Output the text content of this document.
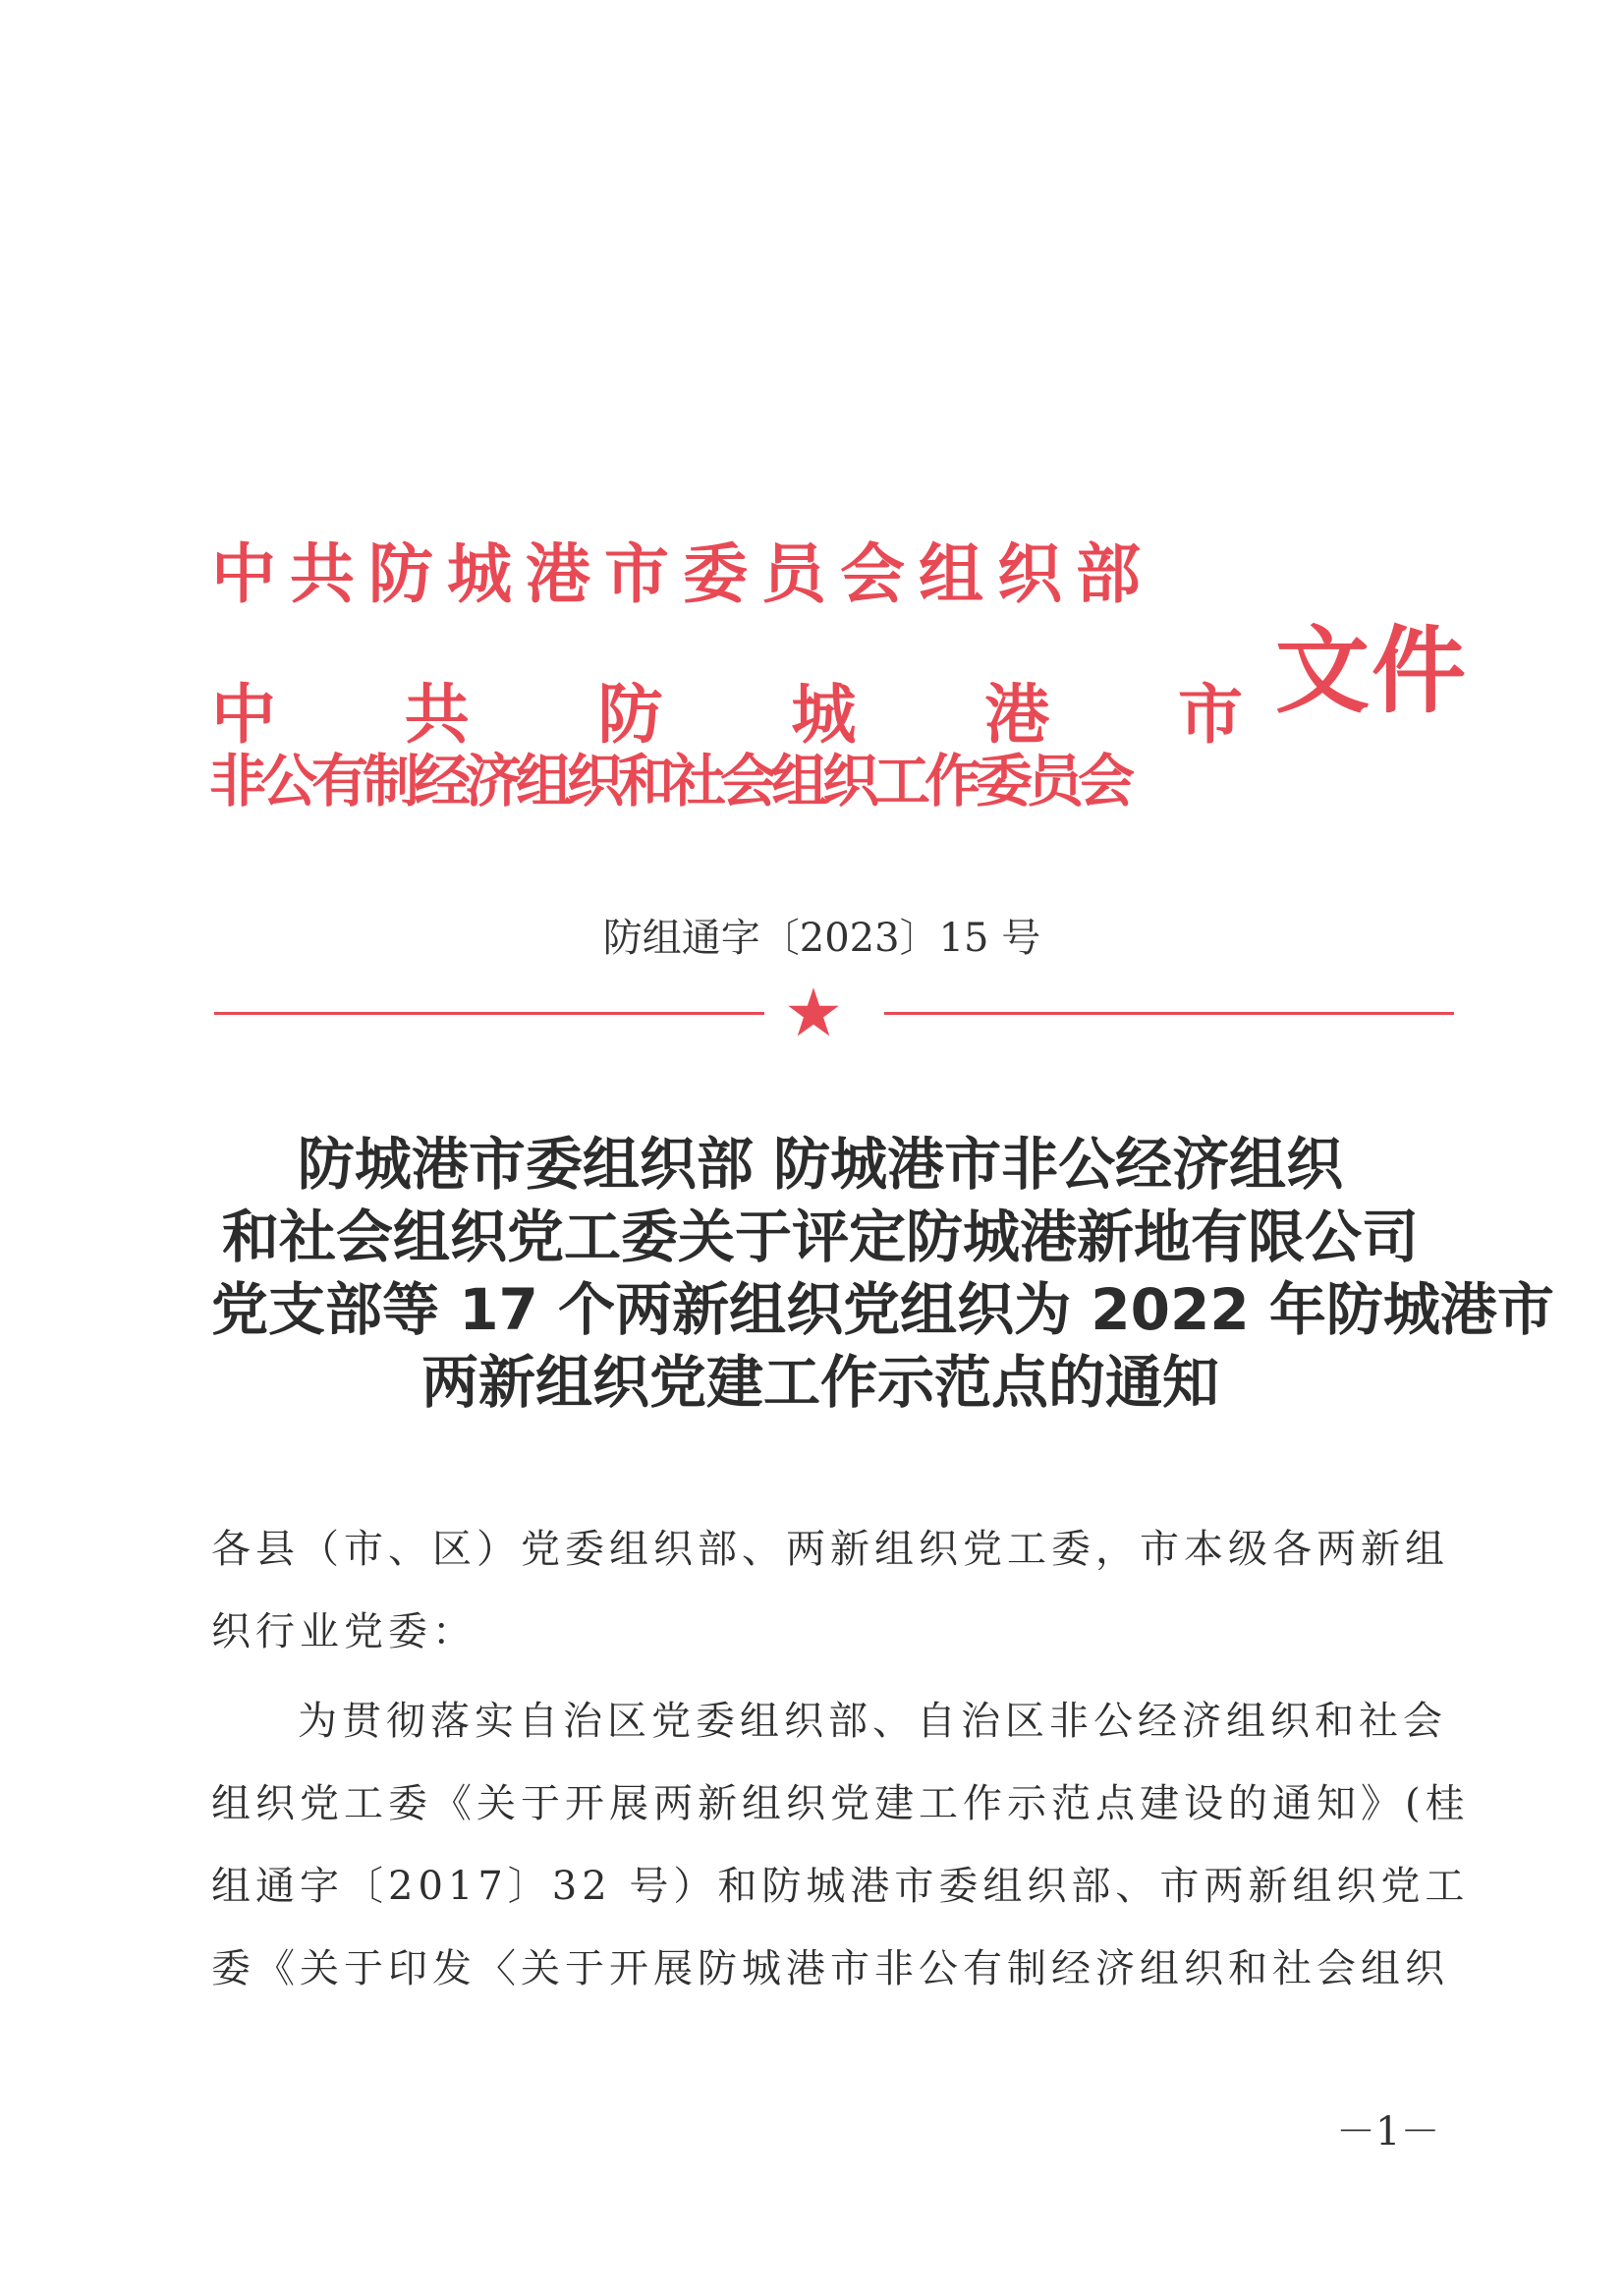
中共防城港市委员会组织部
中 共 防 城 港 市
非公有制经济组织和社会组织工作委员会
文件
防组通字〔2023〕15 号
防城港市委组织部 防城港市非公经济组织
和社会组织党工委关于评定防城港新地有限公司
党支部等 17 个两新组织党组织为 2022 年防城港市
两新组织党建工作示范点的通知
各县（市、区）党委组织部、两新组织党工委，市本级各两新组
织行业党委：
为贯彻落实自治区党委组织部、自治区非公经济组织和社会
组织党工委《关于开展两新组织党建工作示范点建设的通知》(桂
组通字〔2017〕32 号）和防城港市委组织部、市两新组织党工
委《关于印发〈关于开展防城港市非公有制经济组织和社会组织
－1－
